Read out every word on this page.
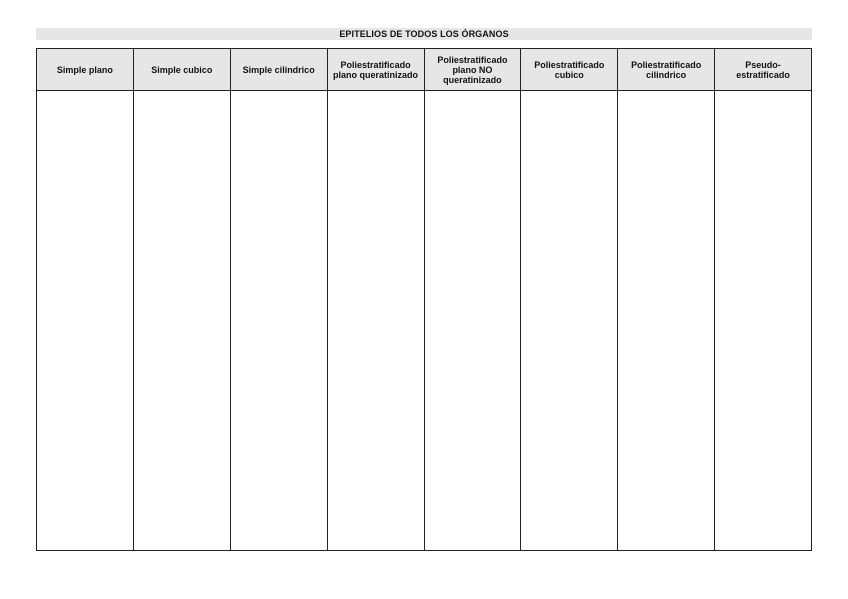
EPITELIOS DE TODOS LOS ÓRGANOS
Simple plano	Simple cubico	Simple cilindrico	Poliestratificado plano queratinizado	Poliestratificado plano NO queratinizado	Poliestratificado cubico	Poliestratificado cilindrico	Pseudo-estratificado
